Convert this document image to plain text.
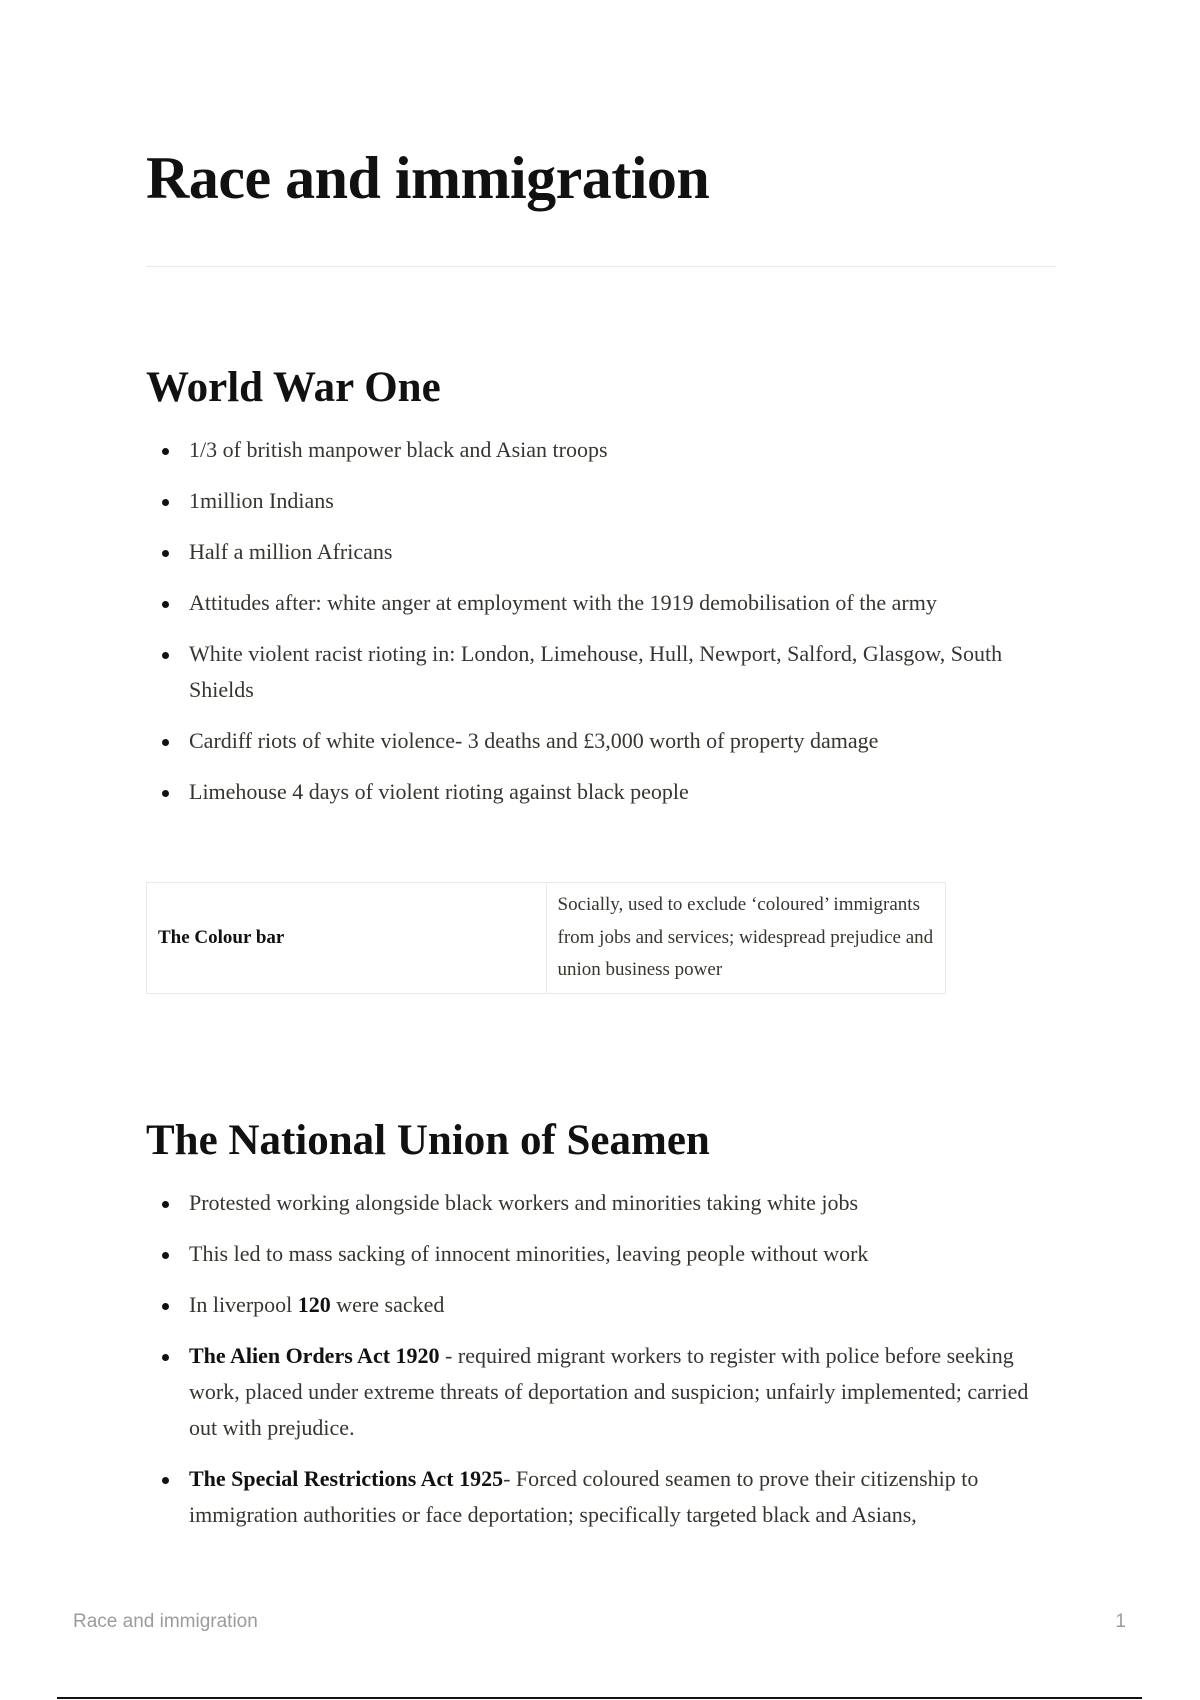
Race and immigration
World War One
1/3 of british manpower black and Asian troops
1million Indians
Half a million Africans
Attitudes after: white anger at employment with the 1919 demobilisation of the army
White violent racist rioting in: London, Limehouse, Hull, Newport, Salford, Glasgow, South Shields
Cardiff riots of white violence- 3 deaths and £3,000 worth of property damage
Limehouse 4 days of violent rioting against black people
The Colour bar	Socially, used to exclude ‘coloured’ immigrants from jobs and services; widespread prejudice and union business power
The National Union of Seamen
Protested working alongside black workers and minorities taking white jobs
This led to mass sacking of innocent minorities, leaving people without work
In liverpool 120 were sacked
The Alien Orders Act 1920 - required migrant workers to register with police before seeking work, placed under extreme threats of deportation and suspicion; unfairly implemented; carried out with prejudice.
The Special Restrictions Act 1925- Forced coloured seamen to prove their citizenship to immigration authorities or face deportation; specifically targeted black and Asians,
Race and immigration	1
